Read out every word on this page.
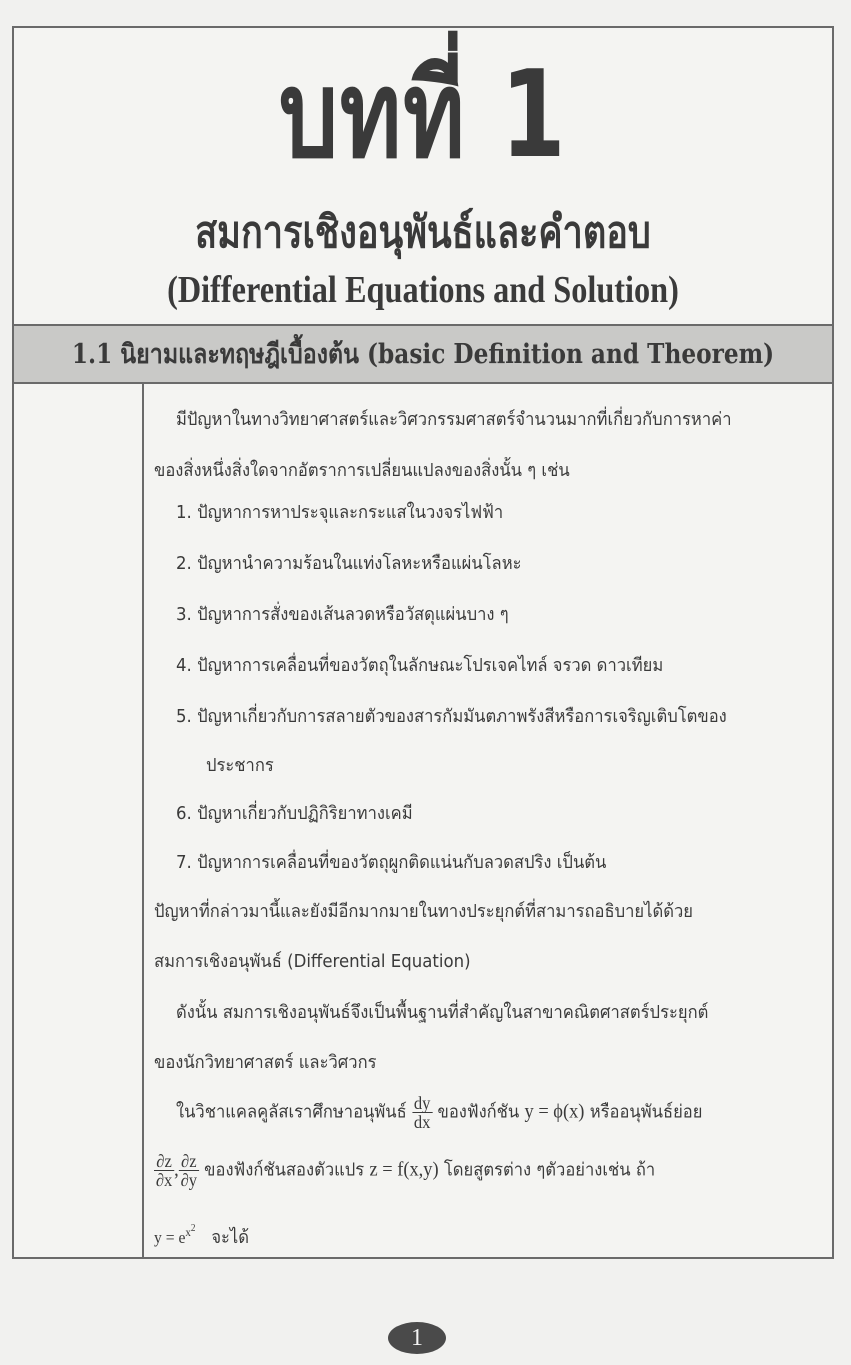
บทที่ 1
สมการเชิงอนุพันธ์และคำตอบ
(Differential Equations and Solution)
1.1 นิยามและทฤษฎีเบื้องต้น (basic Definition and Theorem)
มีปัญหาในทางวิทยาศาสตร์และวิศวกรรมศาสตร์จำนวนมากที่เกี่ยวกับการหาค่า
ของสิ่งหนึ่งสิ่งใดจากอัตราการเปลี่ยนแปลงของสิ่งนั้น ๆ เช่น
1. ปัญหาการหาประจุและกระแสในวงจรไฟฟ้า
2. ปัญหานำความร้อนในแท่งโลหะหรือแผ่นโลหะ
3. ปัญหาการสั่งของเส้นลวดหรือวัสดุแผ่นบาง ๆ
4. ปัญหาการเคลื่อนที่ของวัตถุในลักษณะโปรเจคไทล์ จรวด ดาวเทียม
5. ปัญหาเกี่ยวกับการสลายตัวของสารกัมมันตภาพรังสีหรือการเจริญเติบโตของ
ประชากร
6. ปัญหาเกี่ยวกับปฏิกิริยาทางเคมี
7. ปัญหาการเคลื่อนที่ของวัตถุผูกติดแน่นกับลวดสปริง เป็นต้น
ปัญหาที่กล่าวมานี้และยังมีอีกมากมายในทางประยุกต์ที่สามารถอธิบายได้ด้วย
สมการเชิงอนุพันธ์ (Differential Equation)
ดังนั้น สมการเชิงอนุพันธ์จึงเป็นพื้นฐานที่สำคัญในสาขาคณิตศาสตร์ประยุกต์
ของนักวิทยาศาสตร์ และวิศวกร
ในวิชาแคลคูลัสเราศึกษาอนุพันธ์ $\frac{dy}{dx}$ ของฟังก์ชัน y = ϕ(x) หรืออนุพันธ์ย่อย
$\frac{\partial z}{\partial x}$ , $\frac{\partial z}{\partial y}$ ของฟังก์ชันสองตัวแปร z = f(x,y) โดยสูตรต่าง ๆตัวอย่างเช่น ถ้า
$y = e^{x^2}$ จะได้
1
